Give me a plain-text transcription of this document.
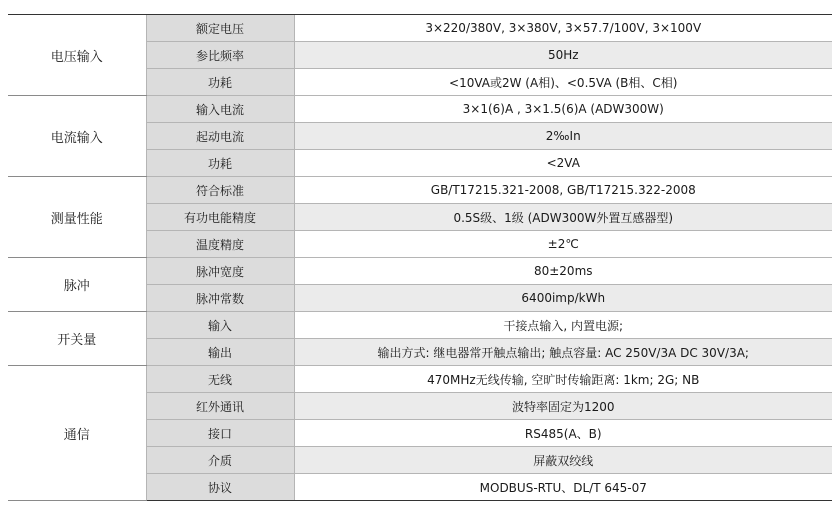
电压输入	额定电压	3×220/380V, 3×380V, 3×57.7/100V, 3×100V
	参比频率	50Hz
	功耗	<10VA或2W (A相)、<0.5VA (B相、C相)
电流输入	输入电流	3×1(6)A , 3×1.5(6)A (ADW300W)
	起动电流	2‰In
	功耗	<2VA
测量性能	符合标准	GB/T17215.321-2008, GB/T17215.322-2008
	有功电能精度	0.5S级、1级 (ADW300W外置互感器型)
	温度精度	±2℃
脉冲	脉冲宽度	80±20ms
	脉冲常数	6400imp/kWh
开关量	输入	干接点输入, 内置电源;
	输出	输出方式: 继电器常开触点输出; 触点容量: AC 250V/3A DC 30V/3A;
通信	无线	470MHz无线传输, 空旷时传输距离: 1km; 2G; NB
	红外通讯	波特率固定为1200
	接口	RS485(A、B)
	介质	屏蔽双绞线
	协议	MODBUS-RTU、DL/T 645-07
